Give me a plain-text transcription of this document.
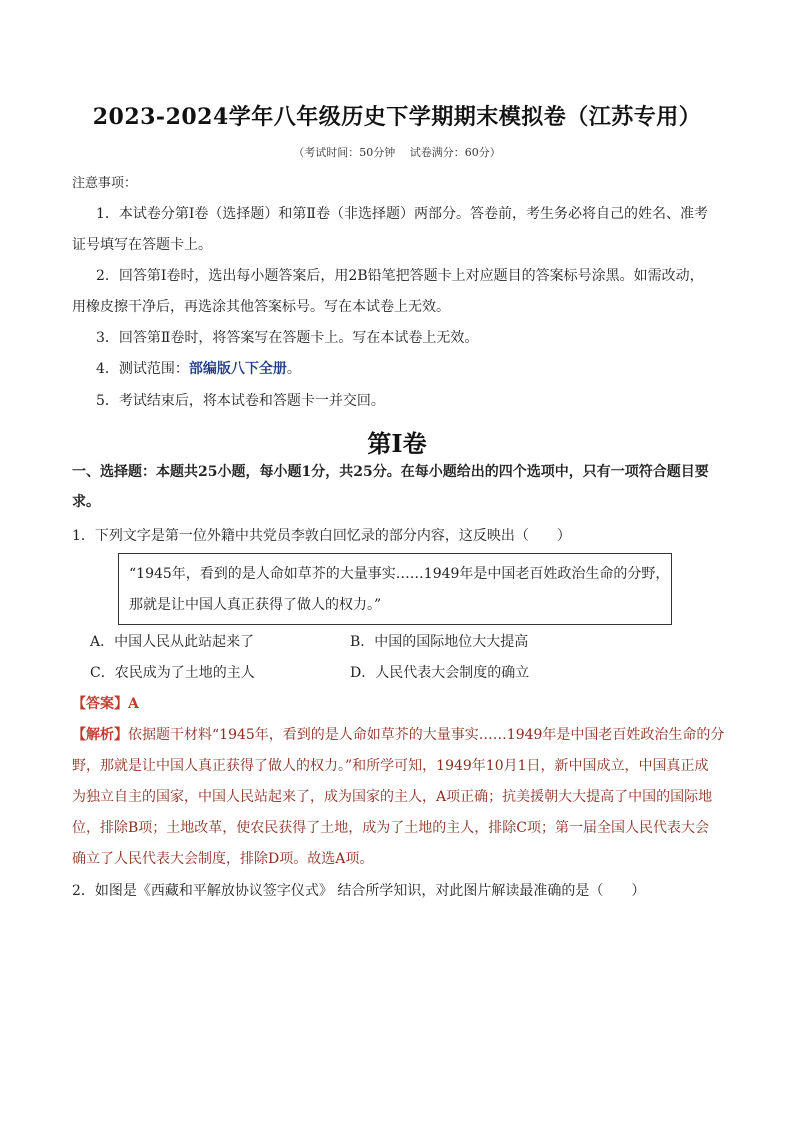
2023-2024学年八年级历史下学期期末模拟卷（江苏专用）
（考试时间：50分钟　 试卷满分：60分）
注意事项：
1．本试卷分第Ⅰ卷（选择题）和第Ⅱ卷（非选择题）两部分。答卷前，考生务必将自己的姓名、准考
证号填写在答题卡上。
2．回答第Ⅰ卷时，选出每小题答案后，用2B铅笔把答题卡上对应题目的答案标号涂黑。如需改动，
用橡皮擦干净后，再选涂其他答案标号。写在本试卷上无效。
3．回答第Ⅱ卷时，将答案写在答题卡上。写在本试卷上无效。
4．测试范围：部编版八下全册。
5．考试结束后，将本试卷和答题卡一并交回。
第Ⅰ卷
一、选择题：本题共25小题，每小题1分，共25分。在每小题给出的四个选项中，只有一项符合题目要
求。
1．下列文字是第一位外籍中共党员李敦白回忆录的部分内容，这反映出（　　）
“1945年，看到的是人命如草芥的大量事实……1949年是中国老百姓政治生命的分野，
那就是让中国人真正获得了做人的权力。”
A．中国人民从此站起来了	B．中国的国际地位大大提高
C．农民成为了土地的主人	D．人民代表大会制度的确立
【答案】A
【解析】依据题干材料“1945年，看到的是人命如草芥的大量事实……1949年是中国老百姓政治生命的分
野，那就是让中国人真正获得了做人的权力。”和所学可知，1949年10月1日，新中国成立，中国真正成
为独立自主的国家，中国人民站起来了，成为国家的主人，A项正确；抗美援朝大大提高了中国的国际地
位，排除B项；土地改革，使农民获得了土地，成为了土地的主人，排除C项；第一届全国人民代表大会
确立了人民代表大会制度，排除D项。故选A项。
2．如图是《西藏和平解放协议签字仪式》 结合所学知识，对此图片解读最准确的是（　　）
